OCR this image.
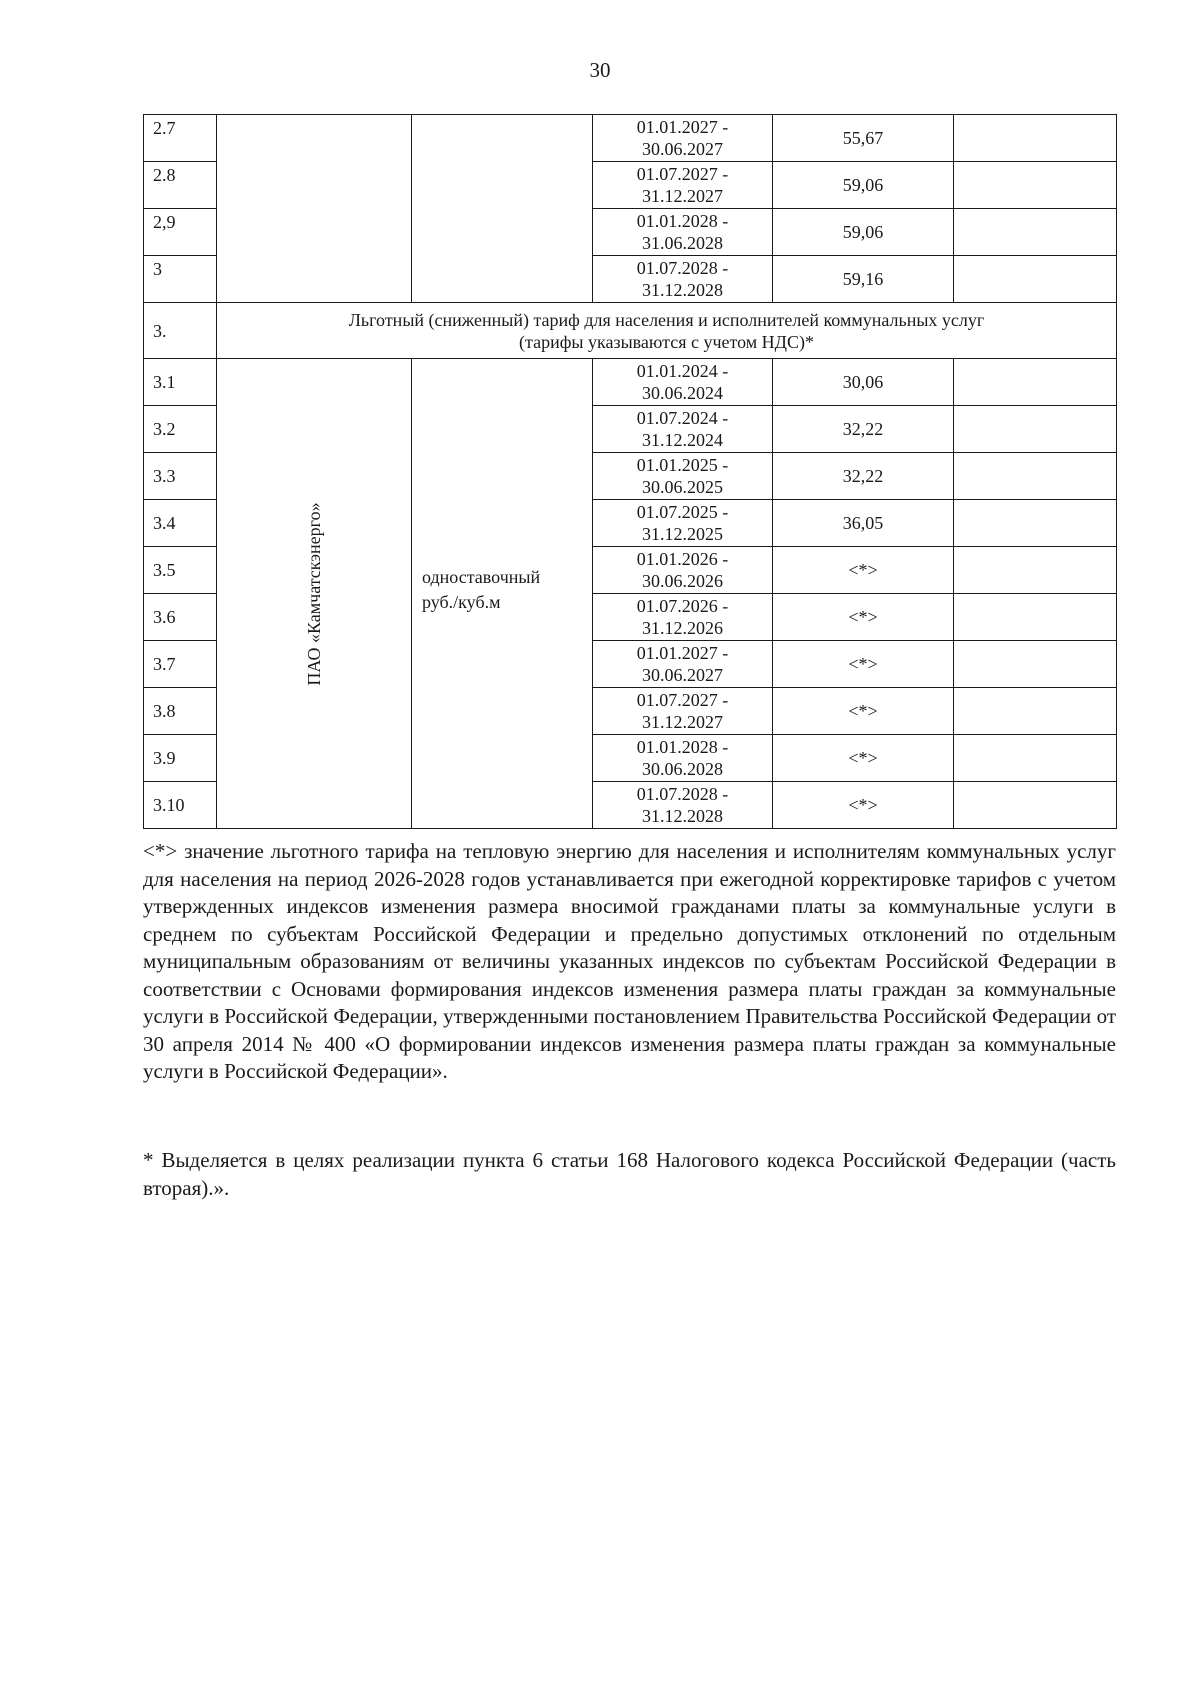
30
2.7			01.01.2027 -
30.06.2027	55,67	
2.8			01.07.2027 -
31.12.2027	59,06	
2,9			01.01.2028 -
31.06.2028	59,06	
3			01.07.2028 -
31.12.2028	59,16	
3.	Льготный (сниженный) тариф для населения и исполнителей коммунальных услуг
(тарифы указываются с учетом НДС)*				

3.1	ПАО «Камчатскэнерго»	одноставочный
руб./куб.м	01.01.2024 -
30.06.2024	30,06	
3.2			01.07.2024 -
31.12.2024	32,22	
3.3			01.01.2025 -
30.06.2025	32,22	
3.4			01.07.2025 -
31.12.2025	36,05	
3.5			01.01.2026 -
30.06.2026	<*>	
3.6			01.07.2026 -
31.12.2026	<*>	
3.7			01.01.2027 -
30.06.2027	<*>	
3.8			01.07.2027 -
31.12.2027	<*>	
3.9			01.01.2028 -
30.06.2028	<*>	
3.10			01.07.2028 -
31.12.2028	<*>	

<*> значение льготного тарифа на тепловую энергию для населения и исполнителям коммунальных услуг для населения на период 2026-2028 годов устанавливается при ежегодной корректировке тарифов с учетом утвержденных индексов изменения размера вносимой гражданами платы за коммунальные услуги в среднем по субъектам Российской Федерации и предельно допустимых отклонений по отдельным муниципальным образованиям от величины указанных индексов по субъектам Российской Федерации в соответствии с Основами формирования индексов изменения размера платы граждан за коммунальные услуги в Российской Федерации, утвержденными постановлением Правительства Российской Федерации от 30 апреля 2014 № 400 «О формировании индексов изменения размера платы граждан за коммунальные услуги в Российской Федерации».

* Выделяется в целях реализации пункта 6 статьи 168 Налогового кодекса Российской Федерации (часть вторая).».
